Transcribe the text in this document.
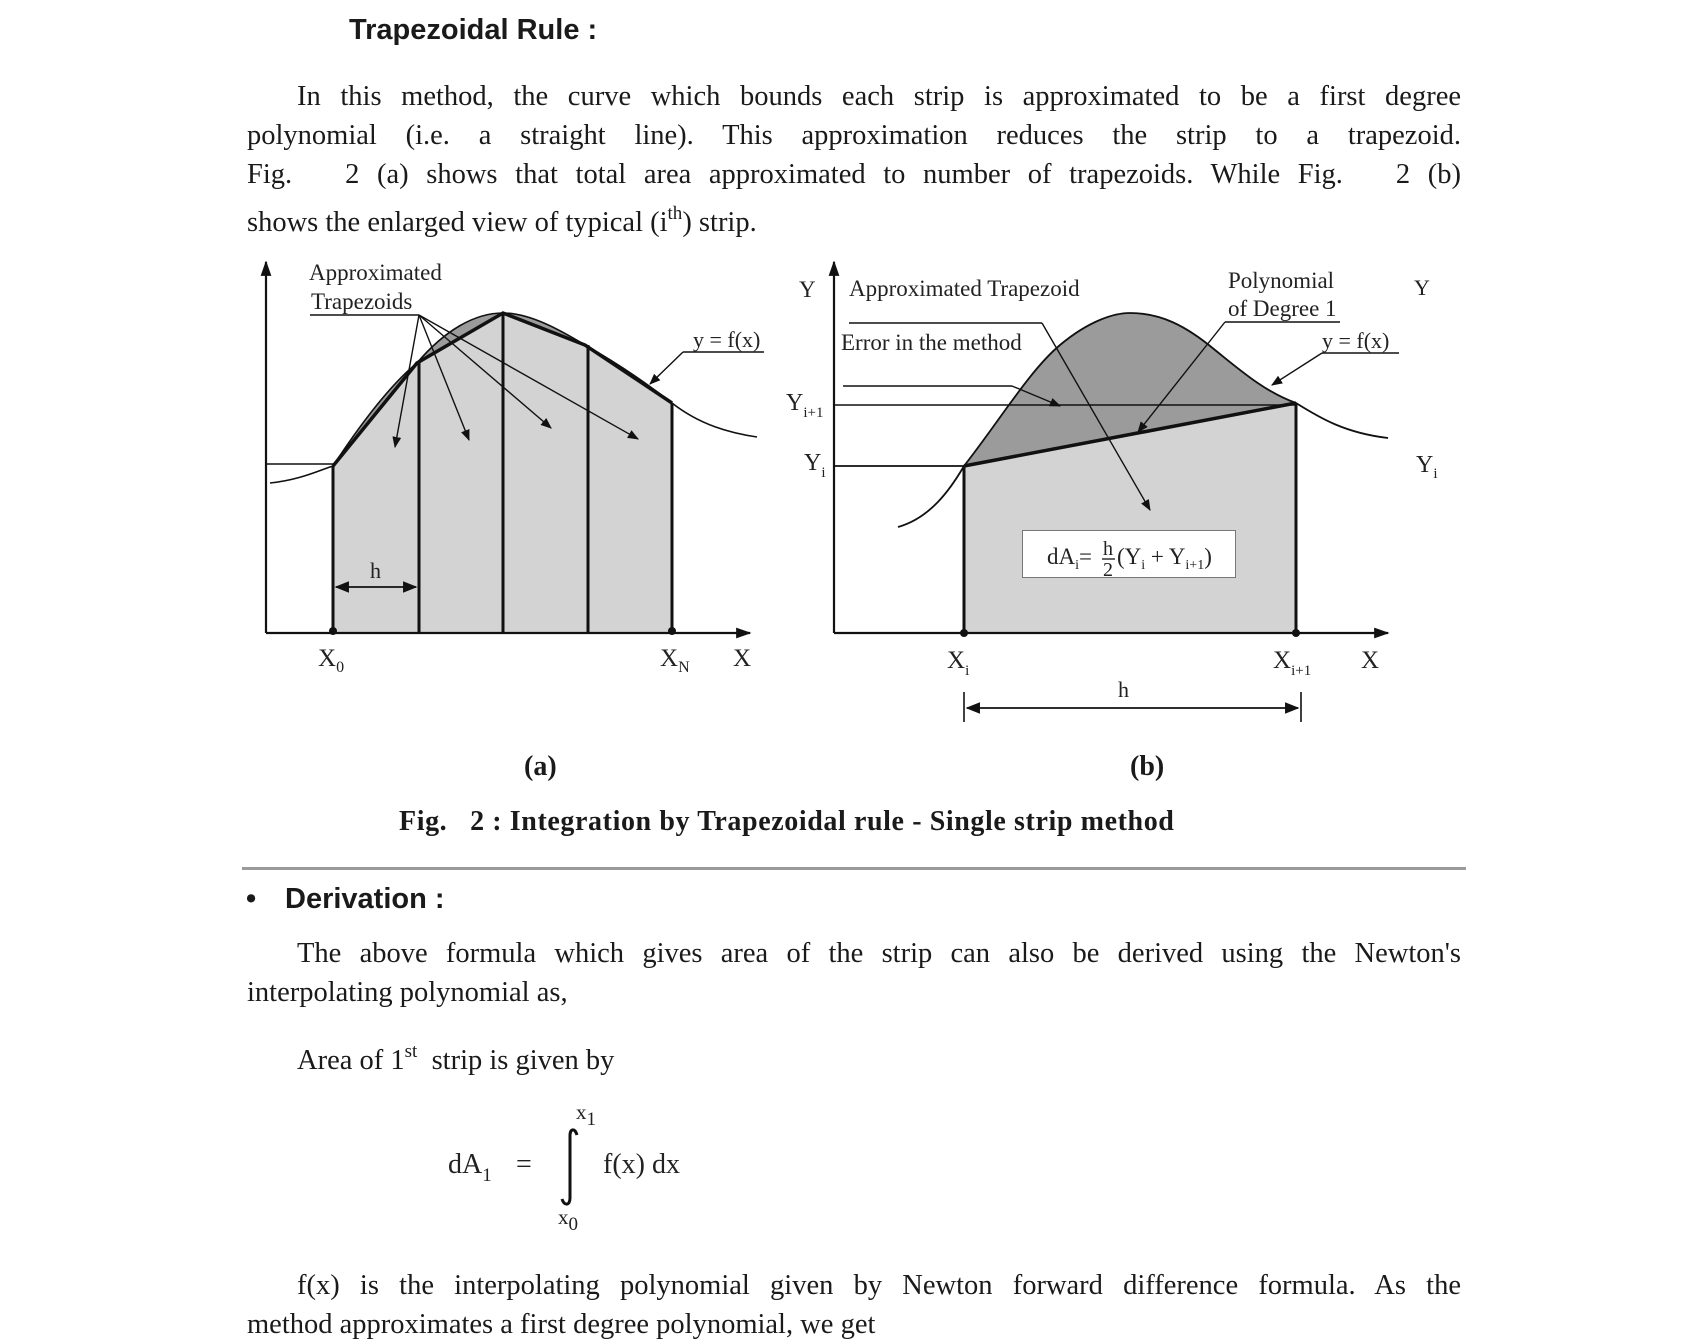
Trapezoidal Rule :
In this method, the curve which bounds each strip is approximated to be a first degree
polynomial (i.e. a straight line). This approximation reduces the strip to a trapezoid.
Fig.   2 (a) shows that total area approximated to number of trapezoids. While Fig.   2 (b)
shows the enlarged view of typical $(i^{th})$ strip.
Approximated
Trapezoids
y = f(x)
h
$X_0$	$X_N$ X
Y Approximated Trapezoid
Error in the method
Polynomial
of Degree 1
y = f(x)
$Y_{i+1}$
$Y_i$
$X_i$	$X_{i+1}$ X
h
Y
$Y_i$
$dA_i= h$
2
$(Y_i + Y_{i+1})$
(a)	(b)
Fig.   2 : Integration by Trapezoidal rule - Single strip method
• Derivation :
The above formula which gives area of the strip can also be derived using the Newton's
interpolating polynomial as,
Area of 1st  strip is given by
$dA_1$ =
x1
x0
f(x) dx
f(x) is the interpolating polynomial given by Newton forward difference formula. As the
method approximates a first degree polynomial, we get
